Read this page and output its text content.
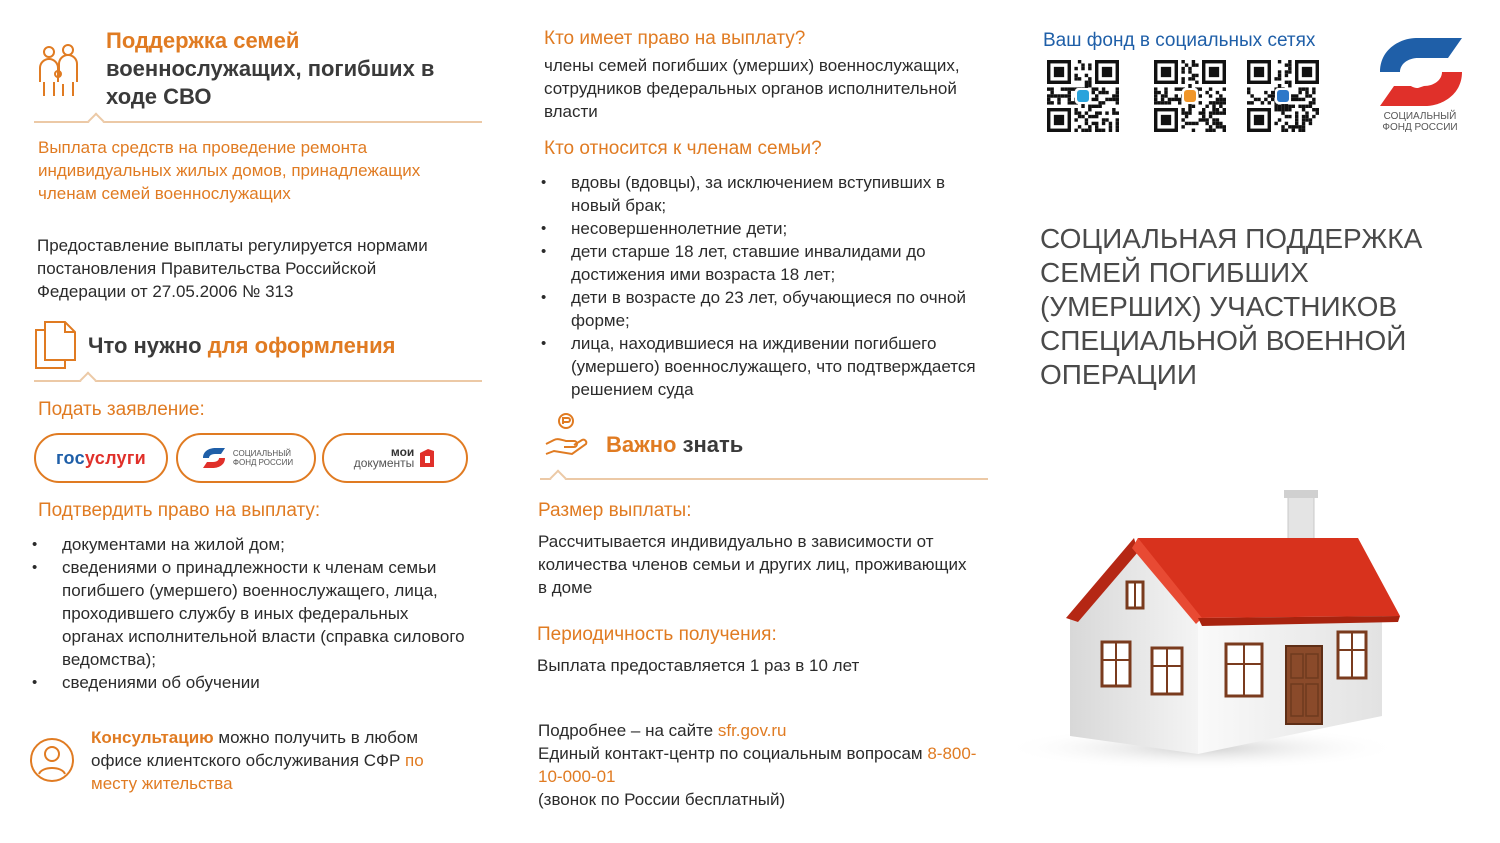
Поддержка семей
военнослужащих, погибших в ходе СВО
Выплата средств на проведение ремонта индивидуальных жилых домов, принадлежащих членам семей военнослужащих
Предоставление выплаты регулируется нормами постановления Правительства Российской Федерации от 27.05.2006 № 313
Что нужно для оформления
Подать заявление:
госуслуги	СОЦИАЛЬНЫЙ
ФОНД РОССИИ
мои
документы
Подтвердить право на выплату:
• документами на жилой дом;
• сведениями о принадлежности к членам семьи погибшего (умершего) военнослужащего, лица, проходившего службу в иных федеральных органах исполнительной власти (справка силового ведомства);
• сведениями об обучении
Консультацию можно получить в любом офисе клиентского обслуживания СФР по месту жительства
Кто имеет право на выплату?
члены семей погибших (умерших) военнослужащих, сотрудников федеральных органов исполнительной власти
Кто относится к членам семьи?
• вдовы (вдовцы), за исключением вступивших в новый брак;
• несовершеннолетние дети;
• дети старше 18 лет, ставшие инвалидами до достижения ими возраста 18 лет;
• дети в возрасте до 23 лет, обучающиеся по очной форме;
• лица, находившиеся на иждивении погибшего (умершего) военнослужащего, что подтверждается решением суда
Важно знать
Размер выплаты:
Рассчитывается индивидуально в зависимости от количества членов семьи и других лиц, проживающих в доме
Периодичность получения:
Выплата предоставляется 1 раз в 10 лет
Подробнее – на сайте sfr.gov.ru
Единый контакт-центр по социальным вопросам 8-800-10-000-01
(звонок по России бесплатный)
Ваш фонд в социальных сетях
СОЦИАЛЬНЫЙ
ФОНД РОССИИ
СОЦИАЛЬНАЯ ПОДДЕРЖКА СЕМЕЙ ПОГИБШИХ (УМЕРШИХ) УЧАСТНИКОВ СПЕЦИАЛЬНОЙ ВОЕННОЙ ОПЕРАЦИИ
